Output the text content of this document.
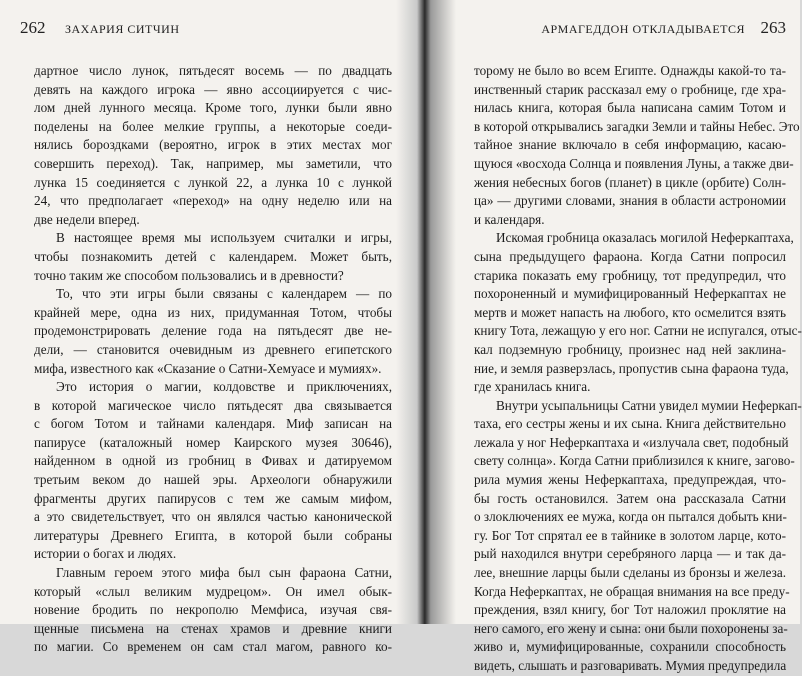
262 ЗАХАРИЯ СИТЧИН
дартное число лунок, пятьдесят восемь — по двадцать
девять на каждого игрока — явно ассоциируется с чис-
лом дней лунного месяца. Кроме того, лунки были явно
поделены на более мелкие группы, а некоторые соеди-
нялись бороздками (вероятно, игрок в этих местах мог
совершить переход). Так, например, мы заметили, что
лунка 15 соединяется с лункой 22, а лунка 10 с лункой
24, что предполагает «переход» на одну неделю или на
две недели вперед.
В настоящее время мы используем считалки и игры,
чтобы познакомить детей с календарем. Может быть,
точно таким же способом пользовались и в древности?
То, что эти игры были связаны с календарем — по
крайней мере, одна из них, придуманная Тотом, чтобы
продемонстрировать деление года на пятьдесят две не-
дели, — становится очевидным из древнего египетского
мифа, известного как «Сказание о Сатни-Хемуасе и мумиях».
Это история о магии, колдовстве и приключениях,
в которой магическое число пятьдесят два связывается
с богом Тотом и тайнами календаря. Миф записан на
папирусе (каталожный номер Каирского музея 30646),
найденном в одной из гробниц в Фивах и датируемом
третьим веком до нашей эры. Археологи обнаружили
фрагменты других папирусов с тем же самым мифом,
а это свидетельствует, что он являлся частью канонической
литературы Древнего Египта, в которой были собраны
истории о богах и людях.
Главным героем этого мифа был сын фараона Сатни,
который «слыл великим мудрецом». Он имел обык-
новение бродить по некрополю Мемфиса, изучая свя-
щенные письмена на стенах храмов и древние книги
по магии. Со временем он сам стал магом, равного ко-
АРМАГЕДДОН ОТКЛАДЫВАЕТСЯ 263
торому не было во всем Египте. Однажды какой-то та-
инственный старик рассказал ему о гробнице, где хра-
нилась книга, которая была написана самим Тотом и
в которой открывались загадки Земли и тайны Небес. Это
тайное знание включало в себя информацию, касаю-
щуюся «восхода Солнца и появления Луны, а также дви-
жения небесных богов (планет) в цикле (орбите) Солн-
ца» — другими словами, знания в области астрономии
и календаря.
Искомая гробница оказалась могилой Неферкаптаха,
сына предыдущего фараона. Когда Сатни попросил
старика показать ему гробницу, тот предупредил, что
похороненный и мумифицированный Неферкаптах не
мертв и может напасть на любого, кто осмелится взять
книгу Тота, лежащую у его ног. Сатни не испугался, отыс-
кал подземную гробницу, произнес над ней заклина-
ние, и земля разверзлась, пропустив сына фараона туда,
где хранилась книга.
Внутри усыпальницы Сатни увидел мумии Неферкап-
таха, его сестры жены и их сына. Книга действительно
лежала у ног Неферкаптаха и «излучала свет, подобный
свету солнца». Когда Сатни приблизился к книге, загово-
рила мумия жены Неферкаптаха, предупреждая, что-
бы гость остановился. Затем она рассказала Сатни
о злоключениях ее мужа, когда он пытался добыть кни-
гу. Бог Тот спрятал ее в тайнике в золотом ларце, кото-
рый находился внутри серебряного ларца — и так да-
лее, внешние ларцы были сделаны из бронзы и железа.
Когда Неферкаптах, не обращая внимания на все преду-
преждения, взял книгу, бог Тот наложил проклятие на
него самого, его жену и сына: они были похоронены за-
живо и, мумифицированные, сохранили способность
видеть, слышать и разговаривать. Мумия предупредила
